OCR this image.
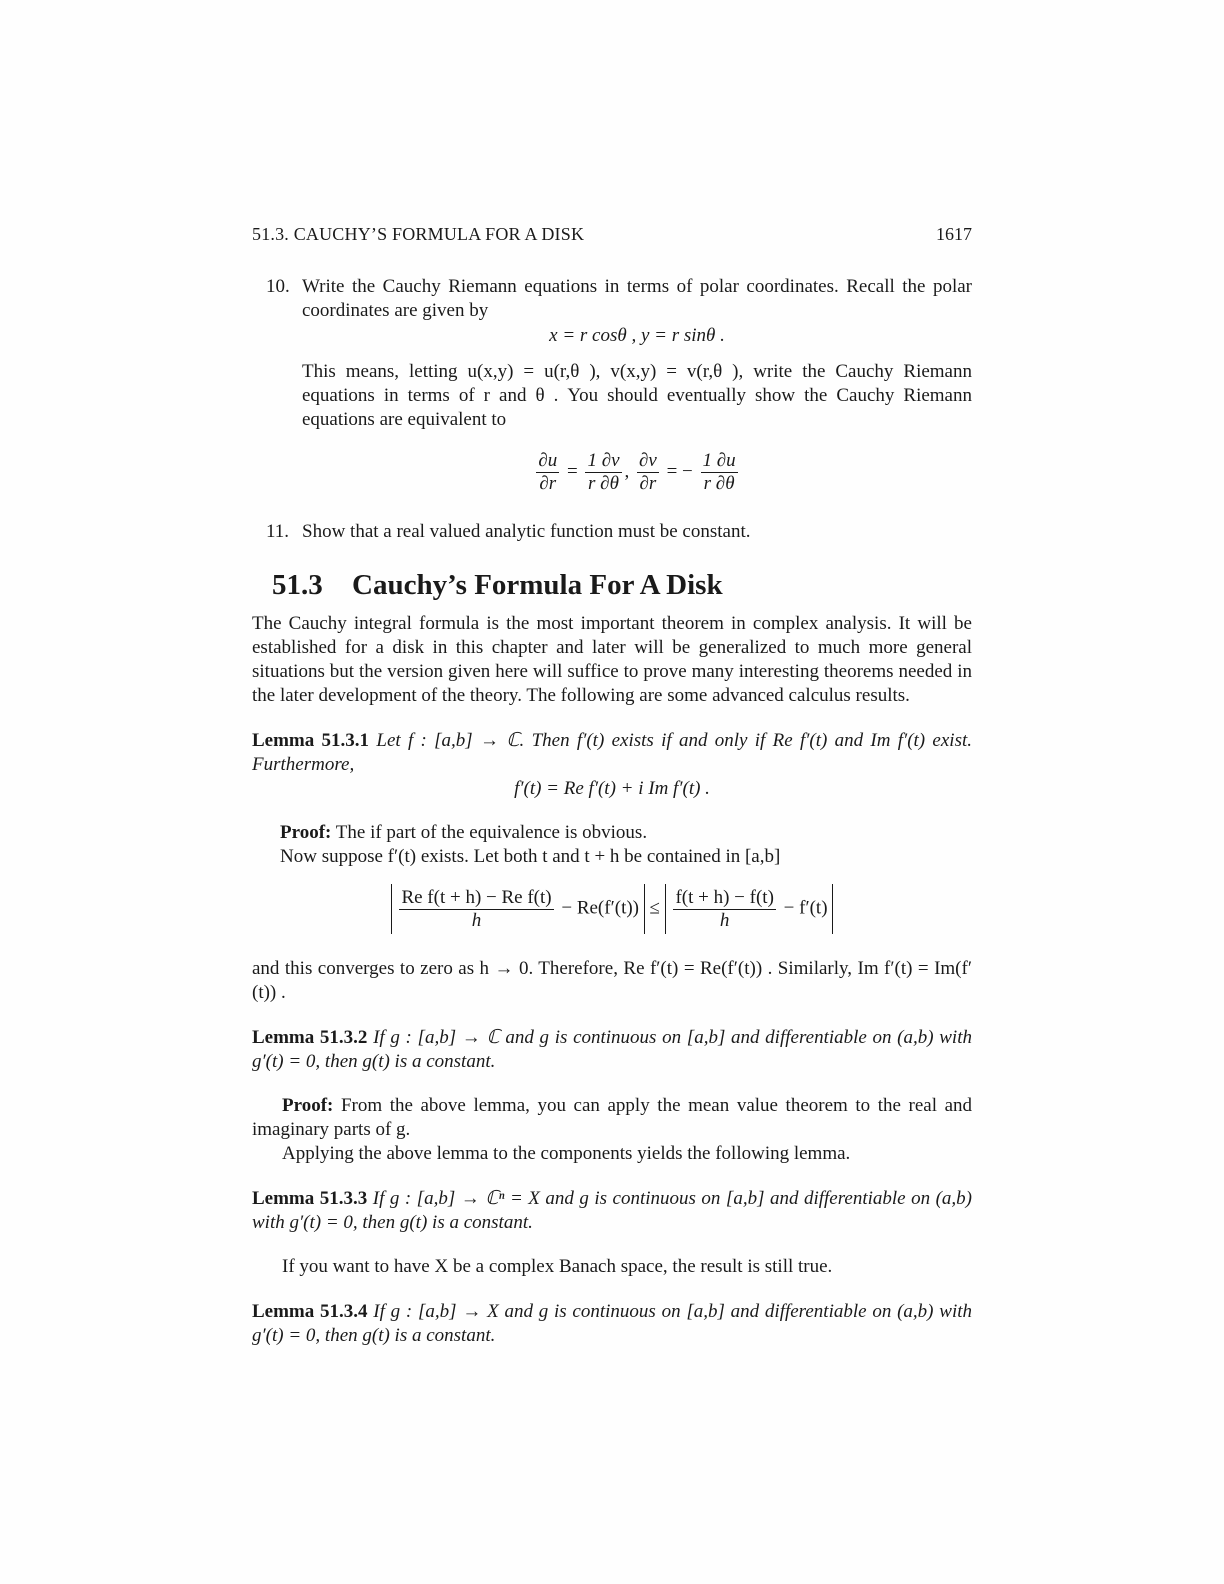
51.3. CAUCHY’S FORMULA FOR A DISK	1617
10. Write the Cauchy Riemann equations in terms of polar coordinates. Recall the polar coordinates are given by
x = r cosθ , y = r sinθ .
This means, letting u(x,y) = u(r,θ ), v(x,y) = v(r,θ ), write the Cauchy Riemann equations in terms of r and θ . You should eventually show the Cauchy Riemann equations are equivalent to
$\frac{\partial u}{\partial r} = \frac{1 \partial v}{r \partial\theta}$ , $\frac{\partial v}{\partial r}$ = − $\frac{1 \partial u}{r \partial\theta}$
11. Show that a real valued analytic function must be constant.
51.3 Cauchy’s Formula For A Disk
The Cauchy integral formula is the most important theorem in complex analysis. It will be established for a disk in this chapter and later will be generalized to much more general situations but the version given here will suffice to prove many interesting theorems needed in the later development of the theory. The following are some advanced calculus results.
Lemma 51.3.1 Let f : [a,b] → ℂ. Then f′(t) exists if and only if Re f′(t) and Im f′(t) exist. Furthermore,
f′(t) = Re f′(t) + i Im f′(t) .
Proof: The if part of the equivalence is obvious.
Now suppose f′(t) exists. Let both t and t + h be contained in [a,b]

$\frac{\text{Re f(t + h) − Re f(t)}}{h} - Re(f'(t)) \le \frac{f(t + h) - f(t)}{h} - f'(t)$
and this converges to zero as h → 0. Therefore, Re f′(t) = Re(f′(t)) . Similarly, Im f′(t) = Im(f′(t)) .
Lemma 51.3.2 If g : [a,b] → ℂ and g is continuous on [a,b] and differentiable on (a,b) with g′(t) = 0, then g(t) is a constant.
Proof: From the above lemma, you can apply the mean value theorem to the real and imaginary parts of g.
Applying the above lemma to the components yields the following lemma.
Lemma 51.3.3 If g : [a,b] → ℂⁿ = X and g is continuous on [a,b] and differentiable on (a,b) with g′(t) = 0, then g(t) is a constant.
If you want to have X be a complex Banach space, the result is still true.
Lemma 51.3.4 If g : [a,b] → X and g is continuous on [a,b] and differentiable on (a,b) with g′(t) = 0, then g(t) is a constant.
